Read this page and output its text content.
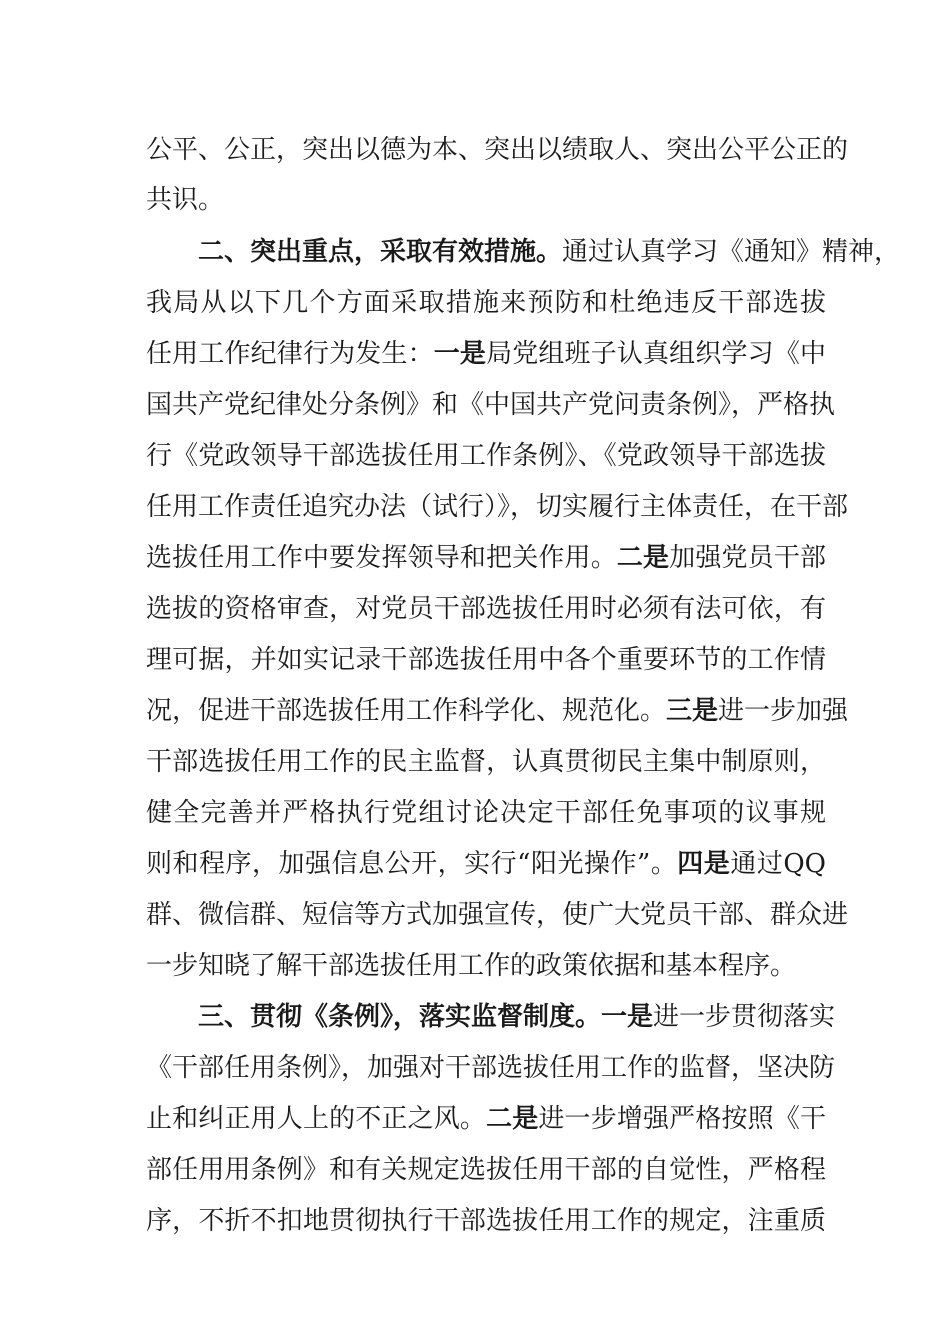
公平、公正，突出以德为本、突出以绩取人、突出公平公正的
共识。
二、突出重点，采取有效措施。通过认真学习《通知》精神，
我局从以下几个方面采取措施来预防和杜绝违反干部选拔
任用工作纪律行为发生：一是局党组班子认真组织学习《中
国共产党纪律处分条例》和《中国共产党问责条例》，严格执
行《党政领导干部选拔任用工作条例》、《党政领导干部选拔
任用工作责任追究办法（试行）》，切实履行主体责任，在干部
选拔任用工作中要发挥领导和把关作用。二是加强党员干部
选拔的资格审查，对党员干部选拔任用时必须有法可依，有
理可据，并如实记录干部选拔任用中各个重要环节的工作情
况，促进干部选拔任用工作科学化、规范化。三是进一步加强
干部选拔任用工作的民主监督，认真贯彻民主集中制原则，
健全完善并严格执行党组讨论决定干部任免事项的议事规
则和程序，加强信息公开，实行“阳光操作”。四是通过QQ
群、微信群、短信等方式加强宣传，使广大党员干部、群众进
一步知晓了解干部选拔任用工作的政策依据和基本程序。
三、贯彻《条例》，落实监督制度。一是进一步贯彻落实
《干部任用条例》，加强对干部选拔任用工作的监督，坚决防
止和纠正用人上的不正之风。二是进一步增强严格按照《干
部任用用条例》和有关规定选拔任用干部的自觉性，严格程
序，不折不扣地贯彻执行干部选拔任用工作的规定，注重质
